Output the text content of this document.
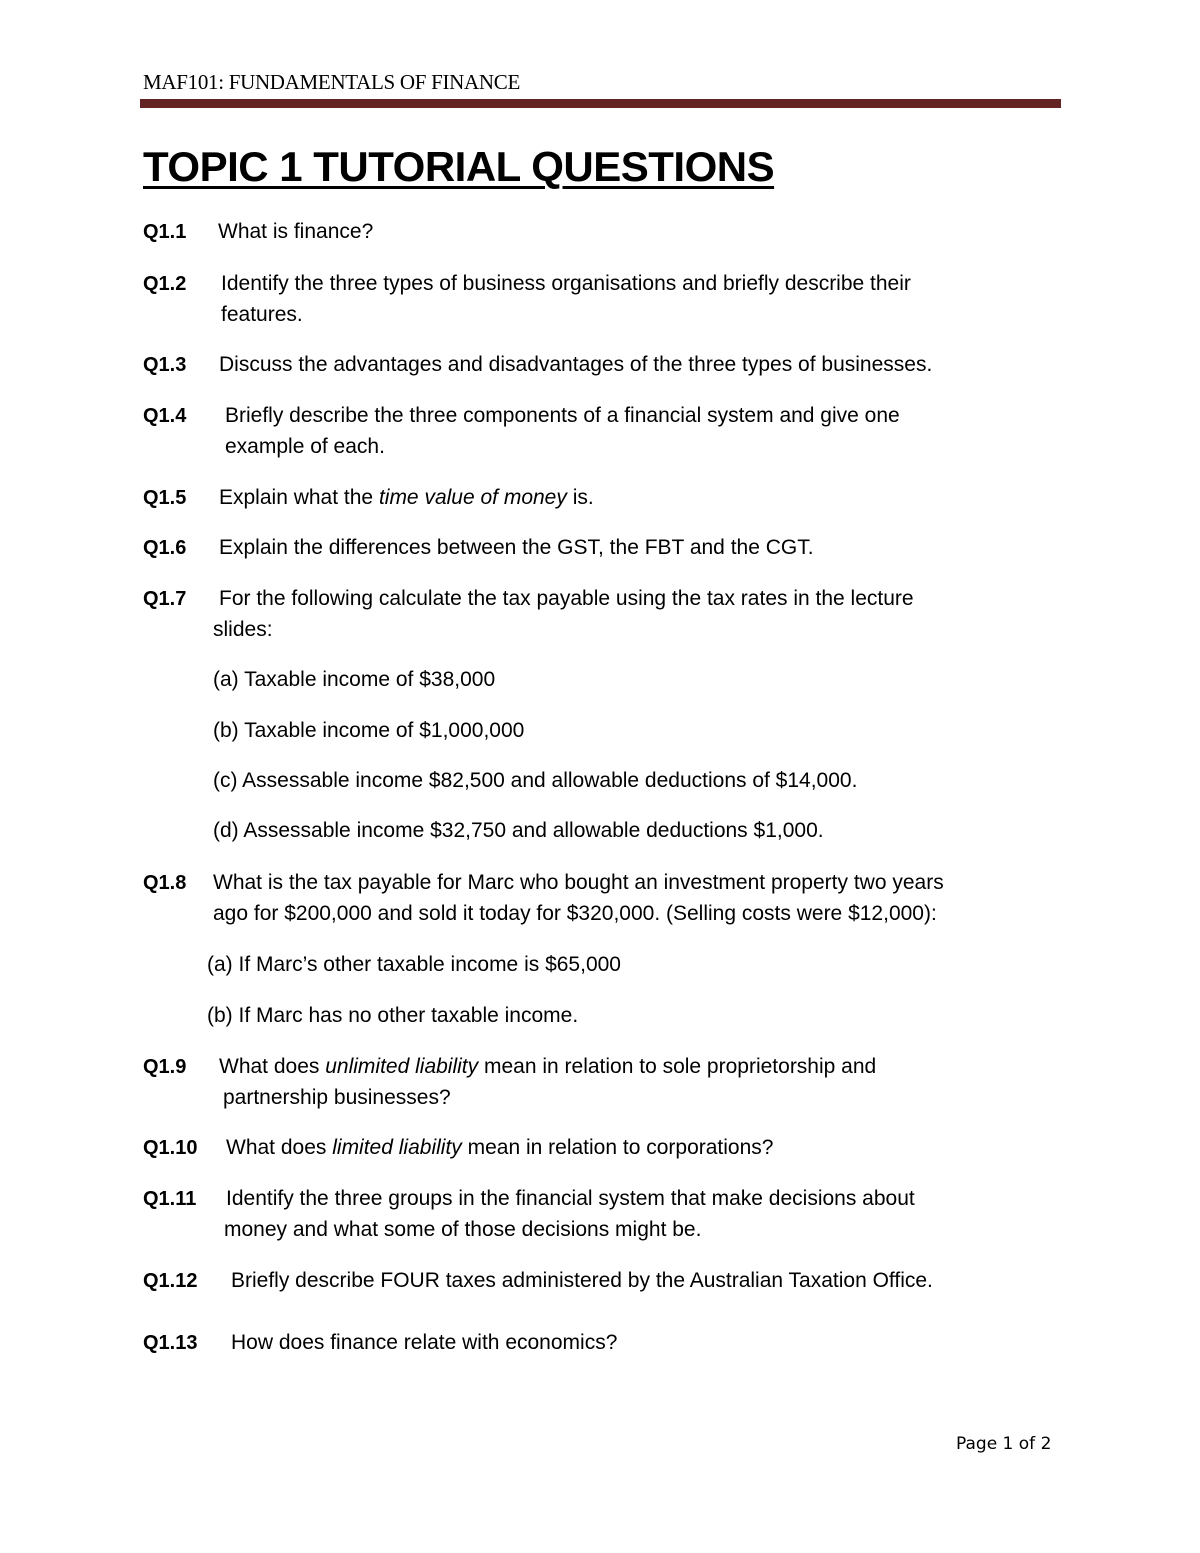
MAF101: FUNDAMENTALS OF FINANCE
TOPIC 1 TUTORIAL QUESTIONS
Q1.1 What is finance?
Q1.2 Identify the three types of business organisations and briefly describe their
features.
Q1.3 Discuss the advantages and disadvantages of the three types of businesses.
Q1.4 Briefly describe the three components of a financial system and give one
example of each.
Q1.5 Explain what the time value of money is.
Q1.6 Explain the differences between the GST, the FBT and the CGT.
Q1.7 For the following calculate the tax payable using the tax rates in the lecture
slides:
(a) Taxable income of $38,000
(b) Taxable income of $1,000,000
(c) Assessable income $82,500 and allowable deductions of $14,000.
(d) Assessable income $32,750 and allowable deductions $1,000.
Q1.8 What is the tax payable for Marc who bought an investment property two years
ago for $200,000 and sold it today for $320,000. (Selling costs were $12,000):
(a) If Marc’s other taxable income is $65,000
(b) If Marc has no other taxable income.
Q1.9 What does unlimited liability mean in relation to sole proprietorship and
partnership businesses?
Q1.10 What does limited liability mean in relation to corporations?
Q1.11 Identify the three groups in the financial system that make decisions about
money and what some of those decisions might be.
Q1.12 Briefly describe FOUR taxes administered by the Australian Taxation Office.
Q1.13 How does finance relate with economics?
Page 1 of 2
